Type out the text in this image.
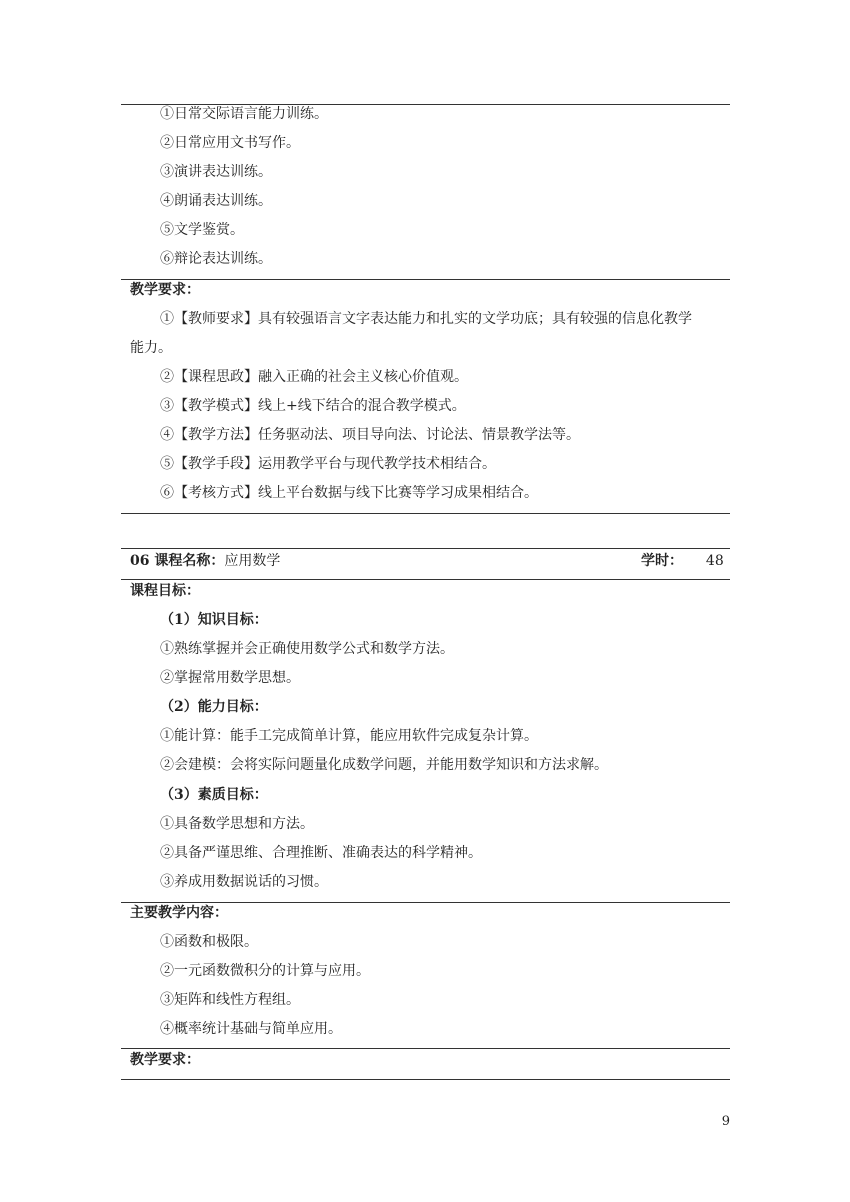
①日常交际语言能力训练。
②日常应用文书写作。
③演讲表达训练。
④朗诵表达训练。
⑤文学鉴赏。
⑥辩论表达训练。
教学要求：
①【教师要求】具有较强语言文字表达能力和扎实的文学功底；具有较强的信息化教学
能力。
②【课程思政】融入正确的社会主义核心价值观。
③【教学模式】线上+线下结合的混合教学模式。
④【教学方法】任务驱动法、项目导向法、讨论法、情景教学法等。
⑤【教学手段】运用教学平台与现代教学技术相结合。
⑥【考核方式】线上平台数据与线下比赛等学习成果相结合。
06 课程名称：应用数学	学时： 48
课程目标：
（1）知识目标：
①熟练掌握并会正确使用数学公式和数学方法。
②掌握常用数学思想。
（2）能力目标：
①能计算：能手工完成简单计算，能应用软件完成复杂计算。
②会建模：会将实际问题量化成数学问题，并能用数学知识和方法求解。
（3）素质目标：
①具备数学思想和方法。
②具备严谨思维、合理推断、准确表达的科学精神。
③养成用数据说话的习惯。
主要教学内容：
①函数和极限。
②一元函数微积分的计算与应用。
③矩阵和线性方程组。
④概率统计基础与简单应用。
教学要求：
9
